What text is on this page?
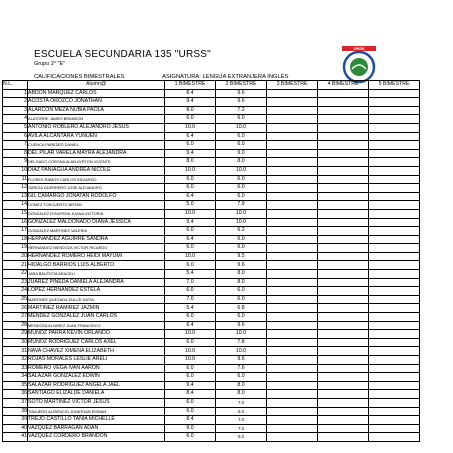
ESCUELA SECUNDARIA 135 "URSS"
Grupo 2° "E"
URSS
CALIFICACIONES BIMESTRALES	ASIGNATURA: LENGUA EXTRANJERA INGLÉS
N.L.	Alumn@	1 BIMESTRE	2 BIMESTRE	3 BIMESTRE	4 BIMESTRE	5 BIMESTRE
1	ABDON MARQUEZ CARLOS	8.4	9.6			
2	ACOSTA OROZCO JONATHAN	9.4	9.6			
3	ALARCON MEZA NUBIA PAOLA	8.0	7.2			
4	ALATORRE JAMES BRANDON	6.0	6.0			
5	ANTONIO ROBLERO ALEJANDRO JESUS	10.0	10.0			
6	AVILA ALCANTARA YUNUEN	6.4	6.0			
7	CUENCA PAREDES DANIEL	6.0	6.0			
8	DEL PILAR VARELA MAYRA ALEJANDRA	9.4	9.0			
9	DELGADO CORONA ALAN AYRTON VICENTE	8.0	8.0			
10	DIAZ PANIAGUA ANDREA NICOLE	10.0	10.0			
11	FLORES RAMOS CARLOS EDUARDO	6.0	6.0			
12	GARCIA GUERRERO JOSE ALEJANDRO	6.0	6.0			
13	GIL CAMARGO JONATAN RODOLFO	6.4	6.0			
14	GOMEZ TOSCUENTO BRYAN	5.0	7.9			
15	GONZALEZ FIGUEROA JUANA VICTORIA	10.0	10.0			
16	GONZALEZ MALDONADO DIANA JESSICA	9.4	10.0			
17	GONZALEZ MARTINEZ VALERIA	6.0	6.2			
18	HERNANDEZ AGUIRRE SANDRA	6.4	6.0			
19	HERNANDEZ MENDOZA VICTOR RICARDO	6.0	6.0			
20	HERNANDEZ ROMERO HEIDI MAYUMI	10.0	9.5			
21	HIDALGO BARRIOS LUIS ALBERTO	6.0	9.6			
22	JARA BAUTISTA ARACELI	5.4	8.0			
23	JUAREZ PINEDA DANIELA ALEJANDRA	7.0	8.0			
24	LOPEZ HERNANDEZ ESTELA	6.0	6.0			
25	MARTINEZ QUEZADA DULCE KATIA	7.0	6.0			
26	MARTINEZ RAMIREZ JAZMIN	5.4	6.8			
27	MENDEZ GONZALEZ JUAN CARLOS	6.0	6.0			
28	MENDOZA ALVAREZ JUAN FRANCISCO	6.4	9.6			
29	MUÑOZ PARRA KEVIN ORLANDO	10.0	10.0			
30	MUÑOZ RODRIGUEZ CARLOS AXEL	6.0	7.8			
31	NAVA CHAVEZ XIMENA ELIZABETH	10.0	10.0			
32	ROJAS MORALES LESLIE ARELI	10.0	9.6			
33	ROMERO VEGA IVAN AARON	6.0	7.6			
34	SALAZAR GONZALEZ EDWIN	6.0	6.0			
35	SALAZAR RODRIGUEZ ANGELA JAEL	9.4	8.0			
36	SANTIAGO ELIZALDE DANIELA	8.4	8.0			
37	SOTO MARTINEZ VICTOR JESUS	6.0	7.0			
38	TINAJERO ALISENCIO JONATHAN ROMAN	6.0	6.0			
39	TREJO CASTILLO TANIA MICHELLE	8.4	7.0			
40	VAZQUEZ BARRAGAN ADAN	9.0	7.0			
41	VAZQUEZ CORDERO BRANDON	6.0	6.0			
